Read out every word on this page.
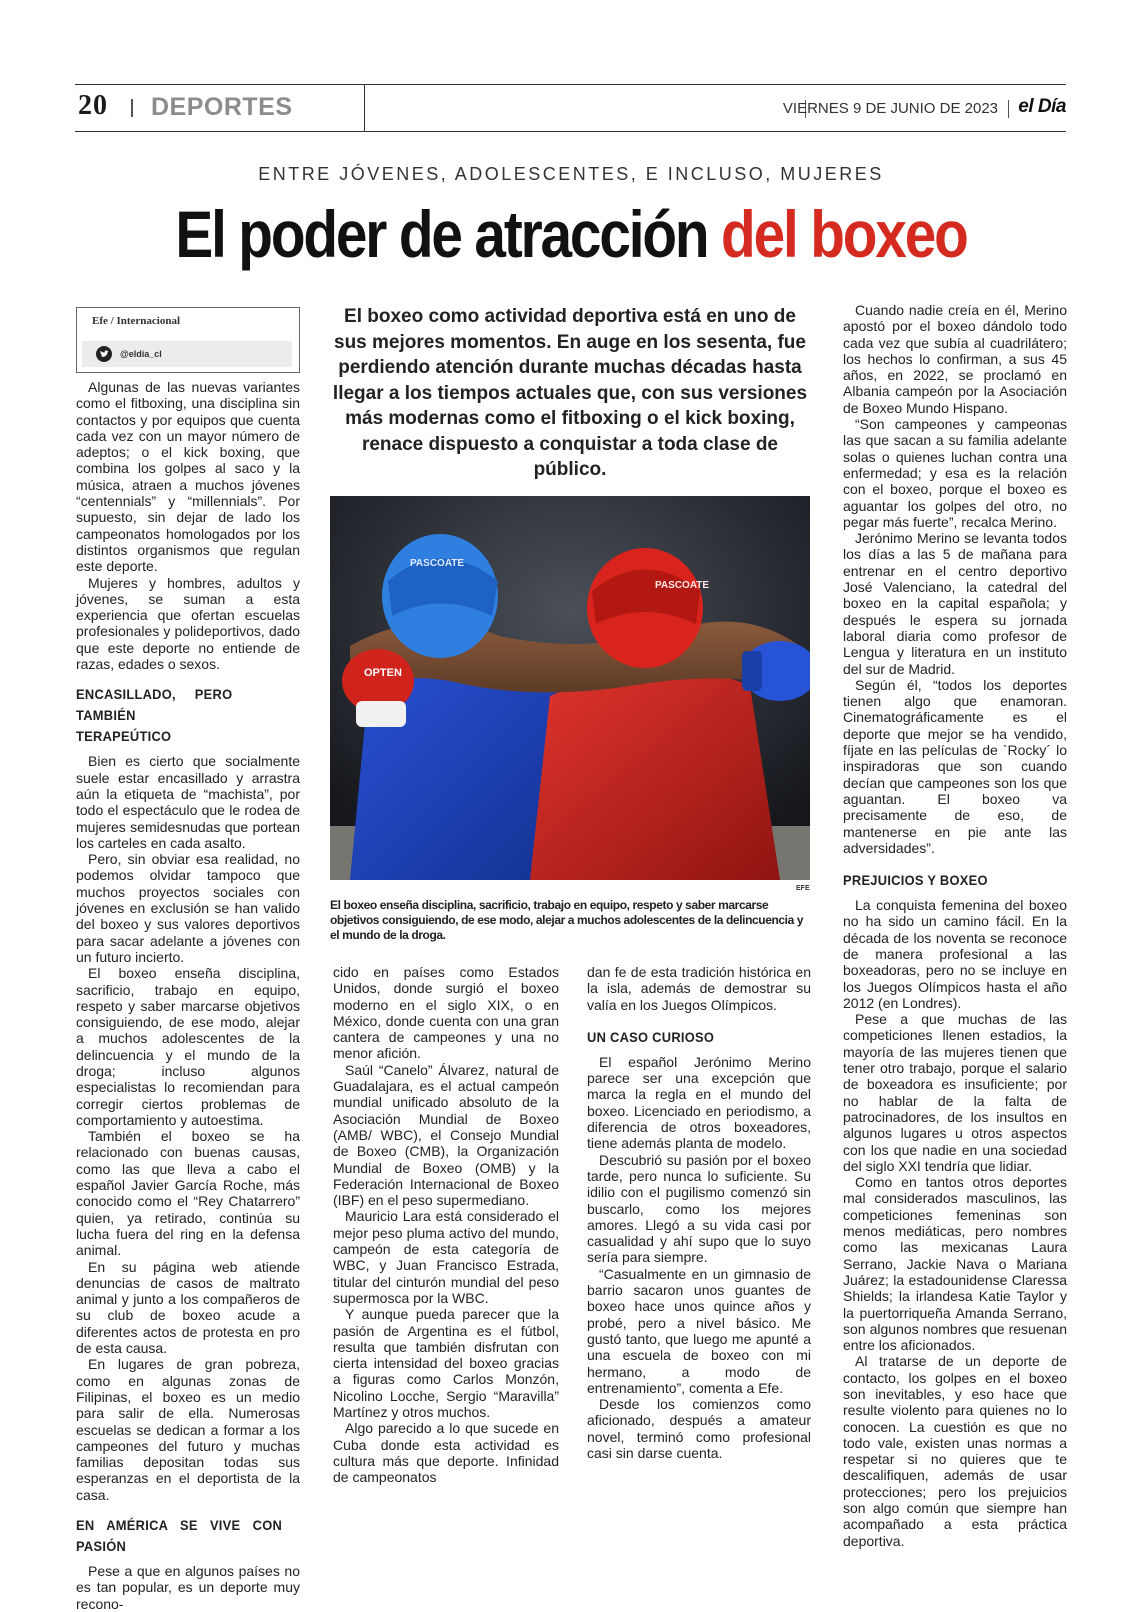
20 DEPORTES	VIERNES 9 DE JUNIO DE 2023 el Día
ENTRE JÓVENES, ADOLESCENTES, E INCLUSO, MUJERES
El poder de atracción del boxeo
Efe / Internacional
@eldia_cl

Algunas de las nuevas variantes como el fitboxing, una disciplina sin contactos y por equipos que cuenta cada vez con un mayor número de adeptos; o el kick boxing, que combina los golpes al saco y la música, atraen a muchos jóvenes “centennials” y “millennials”. Por supuesto, sin dejar de lado los campeonatos homologados por los distintos organismos que regulan este deporte.

Mujeres y hombres, adultos y jóvenes, se suman a esta experiencia que ofertan escuelas profesionales y polideportivos, dado que este deporte no entiende de razas, edades o sexos.

ENCASILLADO, PERO TAMBIÉN TERAPEÚTICO

Bien es cierto que socialmente suele estar encasillado y arrastra aún la etiqueta de “machista”, por todo el espectáculo que le rodea de mujeres semidesnudas que portean los carteles en cada asalto.

Pero, sin obviar esa realidad, no podemos olvidar tampoco que muchos proyectos sociales con jóvenes en exclusión se han valido del boxeo y sus valores deportivos para sacar adelante a jóvenes con un futuro incierto.

El boxeo enseña disciplina, sacrificio, trabajo en equipo, respeto y saber marcarse objetivos consiguiendo, de ese modo, alejar a muchos adolescentes de la delincuencia y el mundo de la droga; incluso algunos especialistas lo recomiendan para corregir ciertos problemas de comportamiento y autoestima.

También el boxeo se ha relacionado con buenas causas, como las que lleva a cabo el español Javier García Roche, más conocido como el “Rey Chatarrero” quien, ya retirado, continúa su lucha fuera del ring en la defensa animal.

En su página web atiende denuncias de casos de maltrato animal y junto a los compañeros de su club de boxeo acude a diferentes actos de protesta en pro de esta causa.

En lugares de gran pobreza, como en algunas zonas de Filipinas, el boxeo es un medio para salir de ella. Numerosas escuelas se dedican a formar a los campeones del futuro y muchas familias depositan todas sus esperanzas en el deportista de la casa.

EN AMÉRICA SE VIVE CON PASIÓN

Pese a que en algunos países no es tan popular, es un deporte muy recono-

El boxeo como actividad deportiva está en uno de sus mejores momentos. En auge en los sesenta, fue perdiendo atención durante muchas décadas hasta llegar a los tiempos actuales que, con sus versiones más modernas como el fitboxing o el kick boxing, renace dispuesto a conquistar a toda clase de público.
PASCOATE
PASCOATE
OPTEN
EFE
El boxeo enseña disciplina, sacrificio, trabajo en equipo, respeto y saber marcarse objetivos consiguiendo, de ese modo, alejar a muchos adolescentes de la delincuencia y el mundo de la droga.

cido en países como Estados Unidos, donde surgió el boxeo moderno en el siglo XIX, o en México, donde cuenta con una gran cantera de campeones y una no menor afición.

Saúl “Canelo” Álvarez, natural de Guadalajara, es el actual campeón mundial unificado absoluto de la Asociación Mundial de Boxeo (AMB/ WBC), el Consejo Mundial de Boxeo (CMB), la Organización Mundial de Boxeo (OMB) y la Federación Internacional de Boxeo (IBF) en el peso supermediano.

Mauricio Lara está considerado el mejor peso pluma activo del mundo, campeón de esta categoría de WBC, y Juan Francisco Estrada, titular del cinturón mundial del peso supermosca por la WBC.

Y aunque pueda parecer que la pasión de Argentina es el fútbol, resulta que también disfrutan con cierta intensidad del boxeo gracias a figuras como Carlos Monzón, Nicolino Locche, Sergio “Maravilla” Martínez y otros muchos.

Algo parecido a lo que sucede en Cuba donde esta actividad es cultura más que deporte. Infinidad de campeonatos

dan fe de esta tradición histórica en la isla, además de demostrar su valía en los Juegos Olímpicos.

UN CASO CURIOSO

El español Jerónimo Merino parece ser una excepción que marca la regla en el mundo del boxeo. Licenciado en periodismo, a diferencia de otros boxeadores, tiene además planta de modelo.

Descubrió su pasión por el boxeo tarde, pero nunca lo suficiente. Su idilio con el pugilismo comenzó sin buscarlo, como los mejores amores. Llegó a su vida casi por casualidad y ahí supo que lo suyo sería para siempre.

“Casualmente en un gimnasio de barrio sacaron unos guantes de boxeo hace unos quince años y probé, pero a nivel básico. Me gustó tanto, que luego me apunté a una escuela de boxeo con mi hermano, a modo de entrenamiento”, comenta a Efe.

Desde los comienzos como aficionado, después a amateur novel, terminó como profesional casi sin darse cuenta.

Cuando nadie creía en él, Merino apostó por el boxeo dándolo todo cada vez que subía al cuadrilátero; los hechos lo confirman, a sus 45 años, en 2022, se proclamó en Albania campeón por la Asociación de Boxeo Mundo Hispano.

“Son campeones y campeonas las que sacan a su familia adelante solas o quienes luchan contra una enfermedad; y esa es la relación con el boxeo, porque el boxeo es aguantar los golpes del otro, no pegar más fuerte”, recalca Merino.

Jerónimo Merino se levanta todos los días a las 5 de mañana para entrenar en el centro deportivo José Valenciano, la catedral del boxeo en la capital española; y después le espera su jornada laboral diaria como profesor de Lengua y literatura en un instituto del sur de Madrid.

Según él, “todos los deportes tienen algo que enamoran. Cinematográficamente es el deporte que mejor se ha vendido, fíjate en las películas de `Rocky´ lo inspiradoras que son cuando decían que campeones son los que aguantan. El boxeo va precisamente de eso, de mantenerse en pie ante las adversidades”.

PREJUICIOS Y BOXEO

La conquista femenina del boxeo no ha sido un camino fácil. En la década de los noventa se reconoce de manera profesional a las boxeadoras, pero no se incluye en los Juegos Olímpicos hasta el año 2012 (en Londres).

Pese a que muchas de las competiciones llenen estadios, la mayoría de las mujeres tienen que tener otro trabajo, porque el salario de boxeadora es insuficiente; por no hablar de la falta de patrocinadores, de los insultos en algunos lugares u otros aspectos con los que nadie en una sociedad del siglo XXI tendría que lidiar.

Como en tantos otros deportes mal considerados masculinos, las competiciones femeninas son menos mediáticas, pero nombres como las mexicanas Laura Serrano, Jackie Nava o Mariana Juárez; la estadounidense Claressa Shields; la irlandesa Katie Taylor y la puertorriqueña Amanda Serrano, son algunos nombres que resuenan entre los aficionados.

Al tratarse de un deporte de contacto, los golpes en el boxeo son inevitables, y eso hace que resulte violento para quienes no lo conocen. La cuestión es que no todo vale, existen unas normas a respetar si no quieres que te descalifiquen, además de usar protecciones; pero los prejuicios son algo común que siempre han acompañado a esta práctica deportiva.
